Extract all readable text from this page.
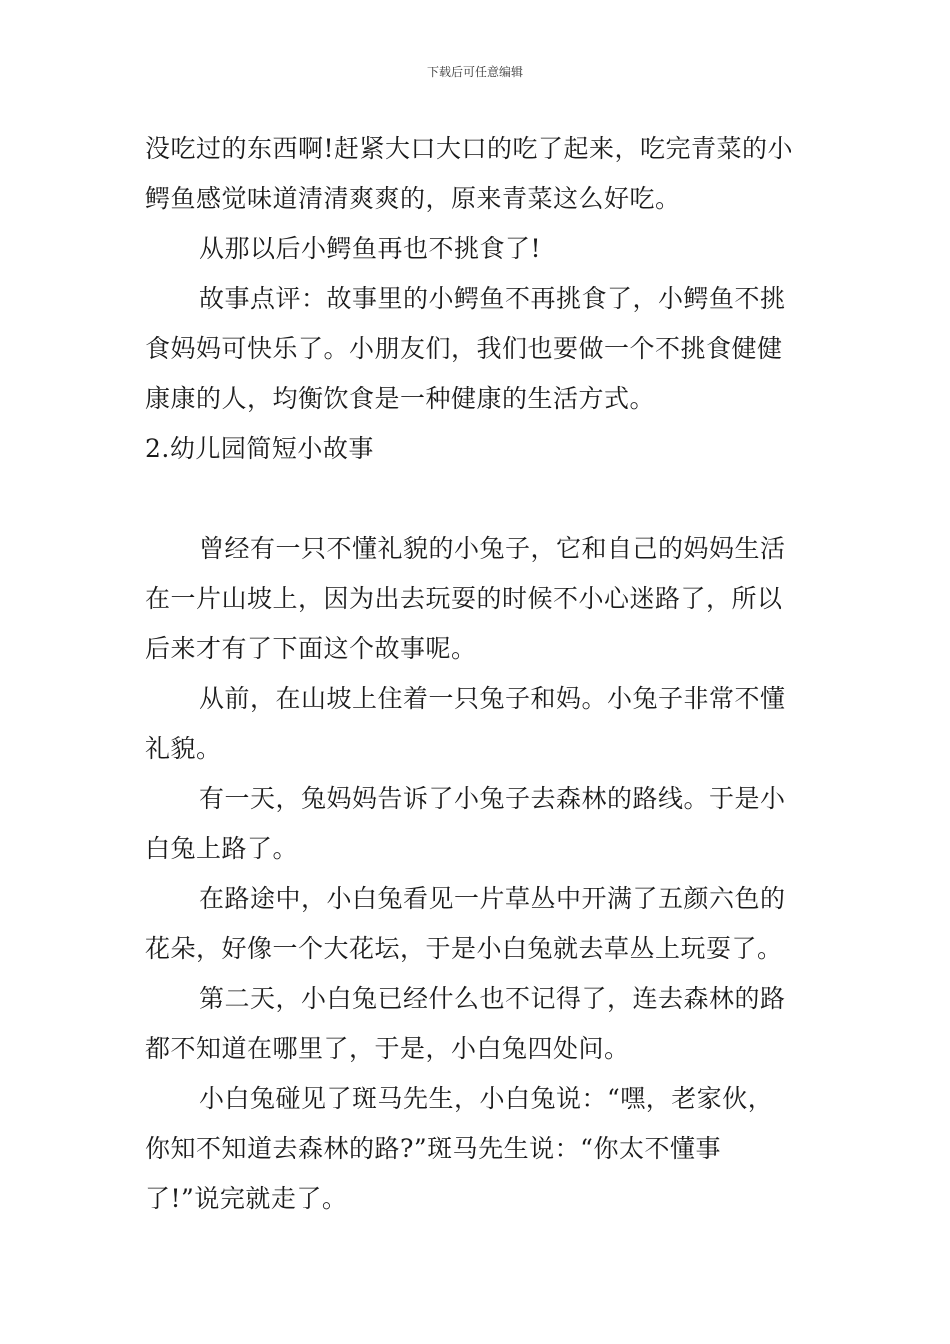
下载后可任意编辑
没吃过的东西啊!赶紧大口大口的吃了起来，吃完青菜的小
鳄鱼感觉味道清清爽爽的，原来青菜这么好吃。
从那以后小鳄鱼再也不挑食了!
故事点评：故事里的小鳄鱼不再挑食了，小鳄鱼不挑
食妈妈可快乐了。小朋友们，我们也要做一个不挑食健健
康康的人，均衡饮食是一种健康的生活方式。
2.幼儿园简短小故事
曾经有一只不懂礼貌的小兔子，它和自己的妈妈生活
在一片山坡上，因为出去玩耍的时候不小心迷路了，所以
后来才有了下面这个故事呢。
从前，在山坡上住着一只兔子和妈。小兔子非常不懂
礼貌。
有一天，兔妈妈告诉了小兔子去森林的路线。于是小
白兔上路了。
在路途中，小白兔看见一片草丛中开满了五颜六色的
花朵，好像一个大花坛，于是小白兔就去草丛上玩耍了。
第二天，小白兔已经什么也不记得了，连去森林的路
都不知道在哪里了，于是，小白兔四处问。
小白兔碰见了斑马先生，小白兔说：“嘿，老家伙，
你知不知道去森林的路?”斑马先生说：“你太不懂事
了!”说完就走了。
